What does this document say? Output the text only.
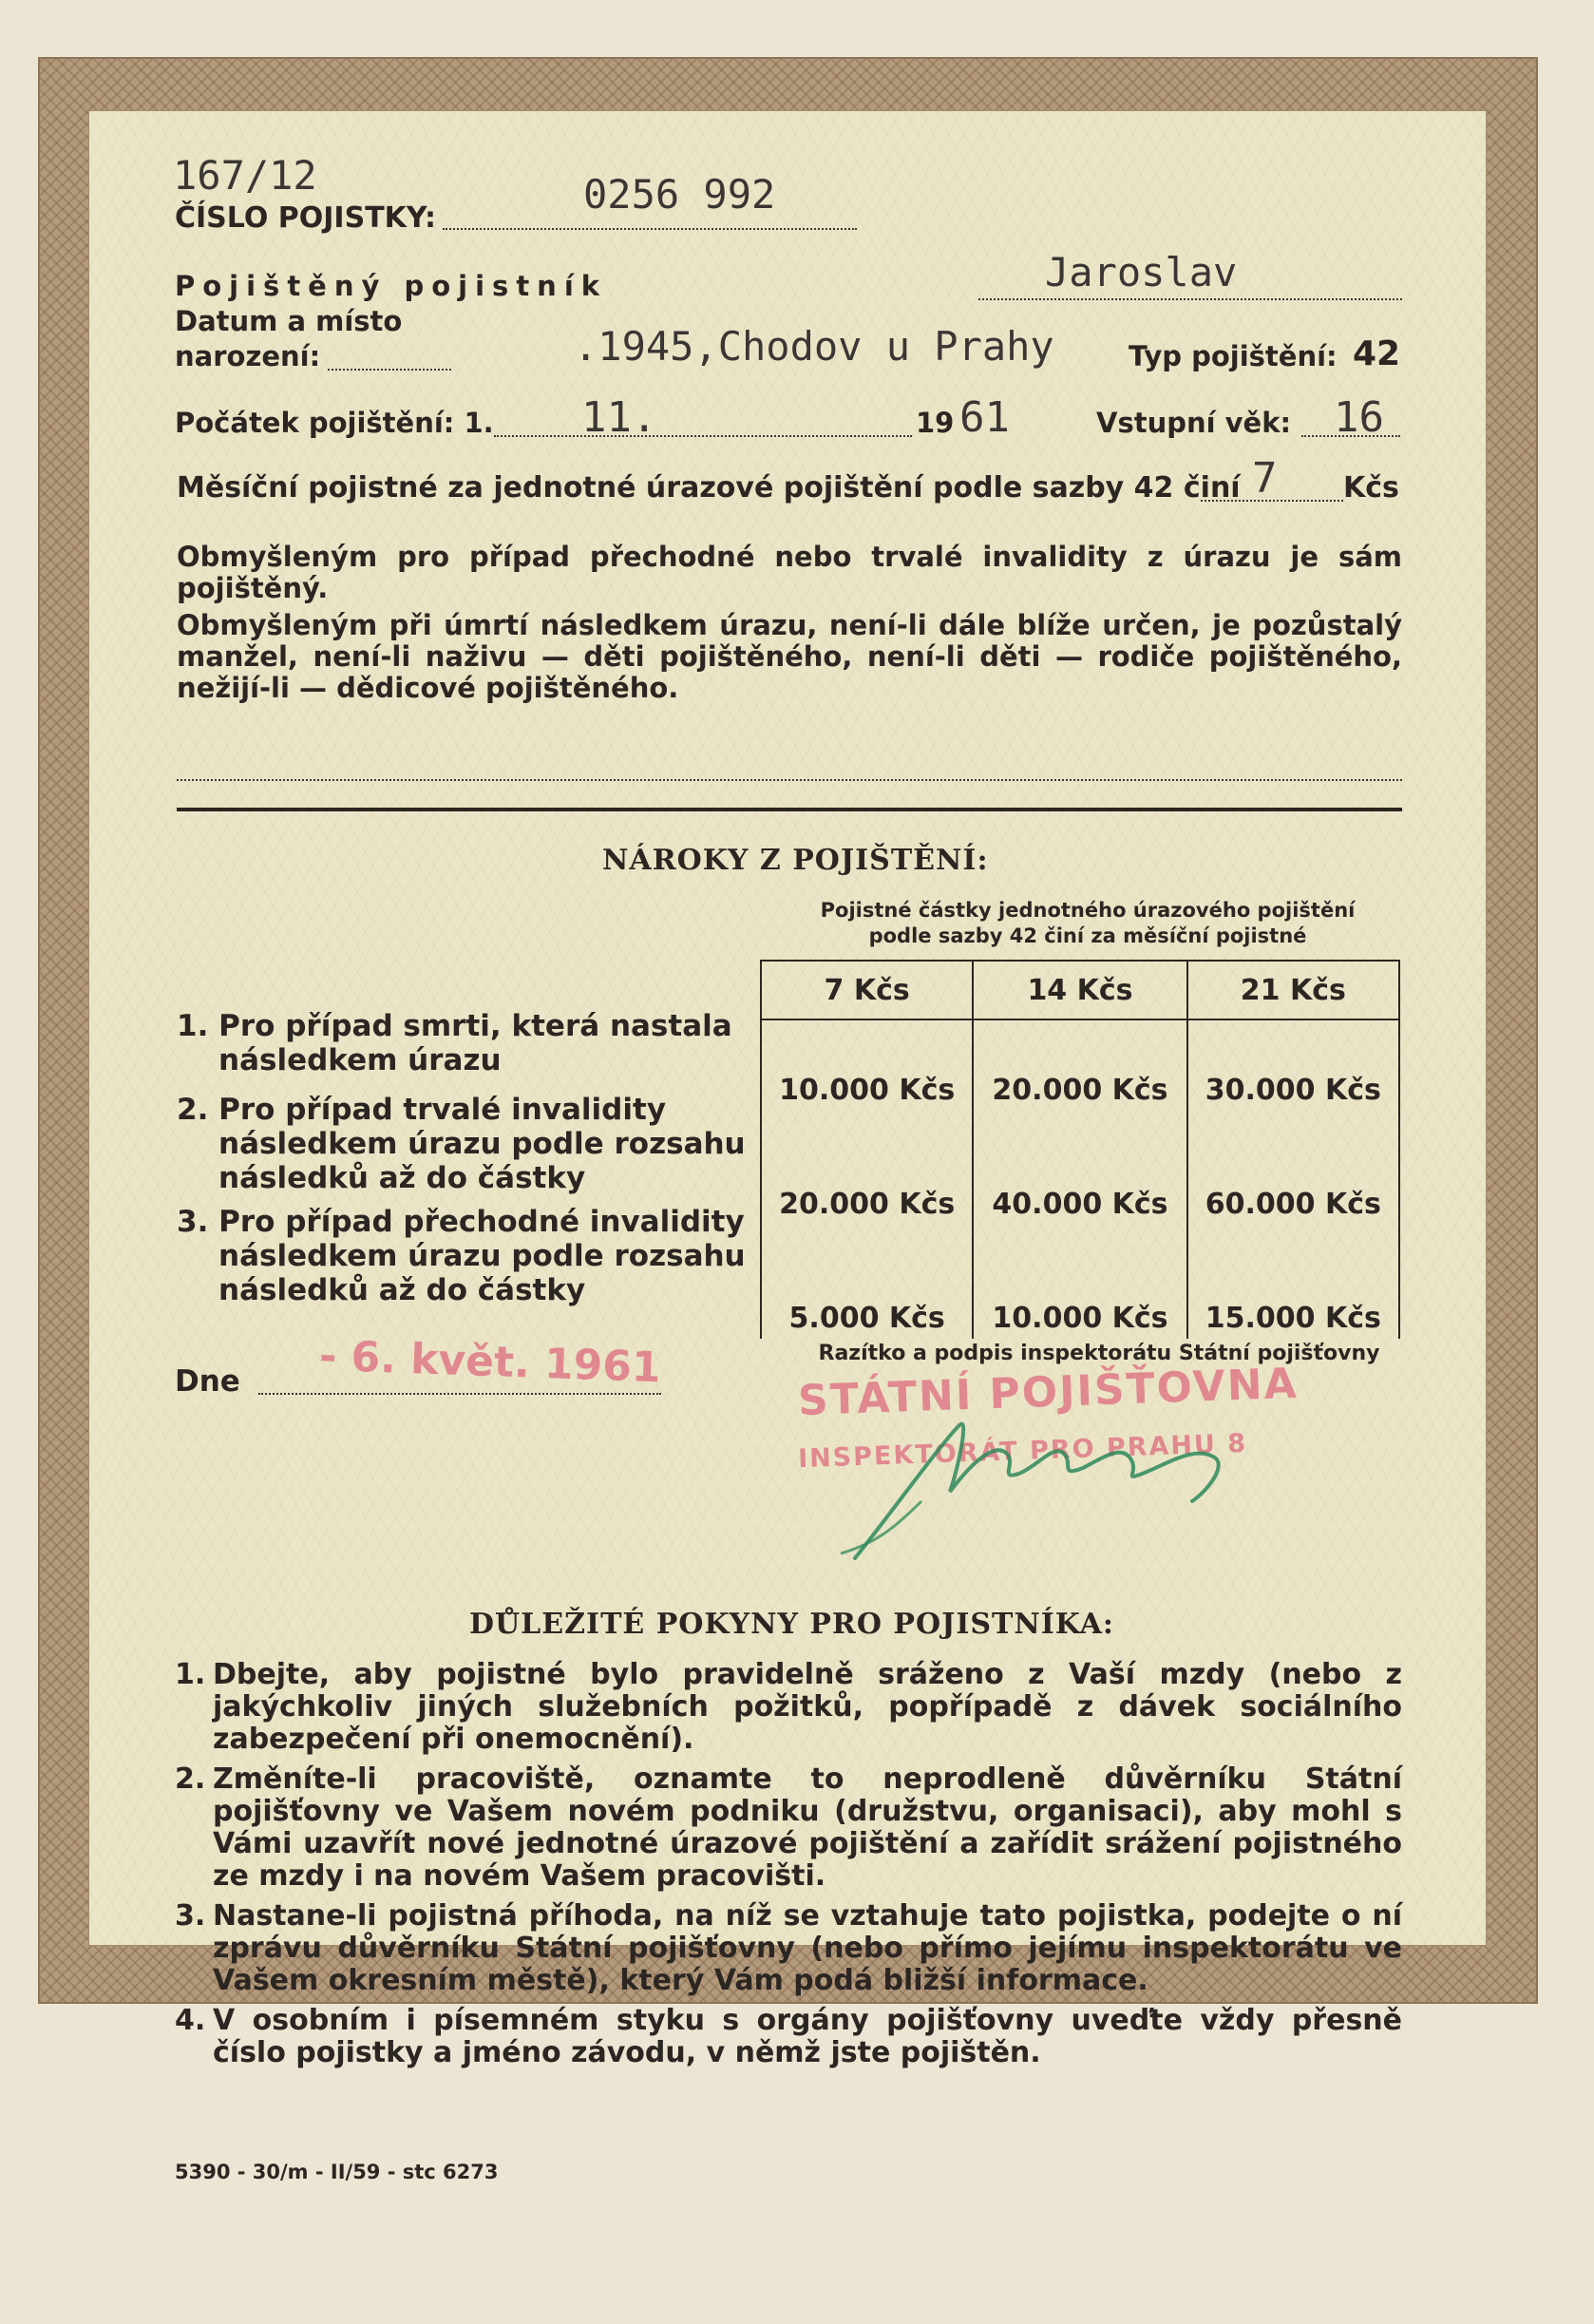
167/12
ČÍSLO POJISTKY:
0256 992
Pojištěný pojistník	Jaroslav
Datum a místo
narození:	.1945,Chodov u Prahy	Typ pojištění: 42
Počátek pojištění: 1. 11.	19 61	Vstupní věk: 16
Měsíční pojistné za jednotné úrazové pojištění podle sazby 42 činí 7 Kčs

Obmyšleným pro případ přechodné nebo trvalé invalidity z úrazu je sám pojištěný.

Obmyšleným při úmrtí následkem úrazu, není-li dále blíže určen, je pozůstalý manžel, není-li naživu — děti pojištěného, není-li děti — rodiče pojištěného, nežijí-li — dědicové pojištěného.

NÁROKY Z POJIŠTĚNÍ:
Pojistné částky jednotného úrazového pojištění
podle sazby 42 činí za měsíční pojistné
7 Kčs	14 Kčs	21 Kčs
10.000 Kčs	20.000 Kčs	30.000 Kčs
20.000 Kčs	40.000 Kčs	60.000 Kčs
5.000 Kčs	10.000 Kčs	15.000 Kčs
1. Pro případ smrti, která nastala
následkem úrazu
2. Pro případ trvalé invalidity
následkem úrazu podle rozsahu
následků až do částky
3. Pro případ přechodné invalidity
následkem úrazu podle rozsahu
následků až do částky
Dne - 6. květ. 1961	Razítko a podpis inspektorátu Státní pojišťovny
STÁTNÍ POJIŠŤOVNA
INSPEKTORÁT PRO PRAHU 8
DŮLEŽITÉ POKYNY PRO POJISTNÍKA:
1. Dbejte, aby pojistné bylo pravidelně sráženo z Vaší mzdy (nebo z jakýchkoliv jiných služebních požitků, popřípadě z dávek sociálního zabezpečení při onemocnění).
2. Změníte-li pracoviště, oznamte to neprodleně důvěrníku Státní pojišťovny ve Vašem novém podniku (družstvu, organisaci), aby mohl s Vámi uzavřít nové jednotné úrazové pojištění a zařídit srážení pojistného ze mzdy i na novém Vašem pracovišti.
3. Nastane-li pojistná příhoda, na níž se vztahuje tato pojistka, podejte o ní zprávu důvěrníku Státní pojišťovny (nebo přímo jejímu inspektorátu ve Vašem okresním městě), který Vám podá bližší informace.
4. V osobním i písemném styku s orgány pojišťovny uveďte vždy přesně číslo pojistky a jméno závodu, v němž jste pojištěn.
5390 - 30/m - II/59 - stc 6273
